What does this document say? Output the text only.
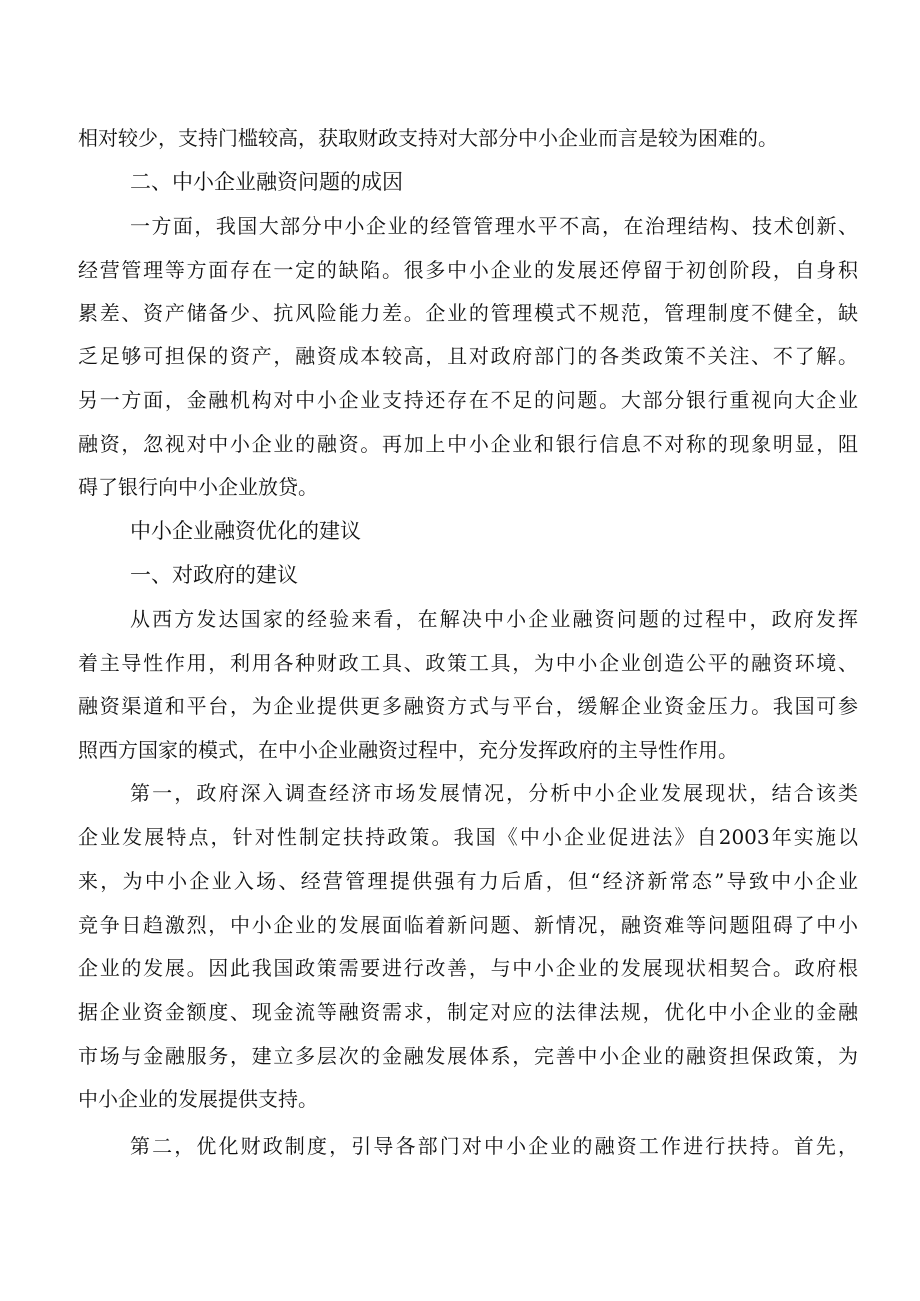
相对较少，支持门槛较高，获取财政支持对大部分中小企业而言是较为困难的。
二、中小企业融资问题的成因
一方面，我国大部分中小企业的经管管理水平不高，在治理结构、技术创新、
经营管理等方面存在一定的缺陷。很多中小企业的发展还停留于初创阶段，自身积
累差、资产储备少、抗风险能力差。企业的管理模式不规范，管理制度不健全，缺
乏足够可担保的资产，融资成本较高，且对政府部门的各类政策不关注、不了解。
另一方面，金融机构对中小企业支持还存在不足的问题。大部分银行重视向大企业
融资，忽视对中小企业的融资。再加上中小企业和银行信息不对称的现象明显，阻
碍了银行向中小企业放贷。
中小企业融资优化的建议
一、对政府的建议
从西方发达国家的经验来看，在解决中小企业融资问题的过程中，政府发挥
着主导性作用，利用各种财政工具、政策工具，为中小企业创造公平的融资环境、
融资渠道和平台，为企业提供更多融资方式与平台，缓解企业资金压力。我国可参
照西方国家的模式，在中小企业融资过程中，充分发挥政府的主导性作用。
第一，政府深入调查经济市场发展情况，分析中小企业发展现状，结合该类
企业发展特点，针对性制定扶持政策。我国《中小企业促进法》自2003年实施以
来，为中小企业入场、经营管理提供强有力后盾，但“经济新常态”导致中小企业
竞争日趋激烈，中小企业的发展面临着新问题、新情况，融资难等问题阻碍了中小
企业的发展。因此我国政策需要进行改善，与中小企业的发展现状相契合。政府根
据企业资金额度、现金流等融资需求，制定对应的法律法规，优化中小企业的金融
市场与金融服务，建立多层次的金融发展体系，完善中小企业的融资担保政策，为
中小企业的发展提供支持。
第二，优化财政制度，引导各部门对中小企业的融资工作进行扶持。首先，
